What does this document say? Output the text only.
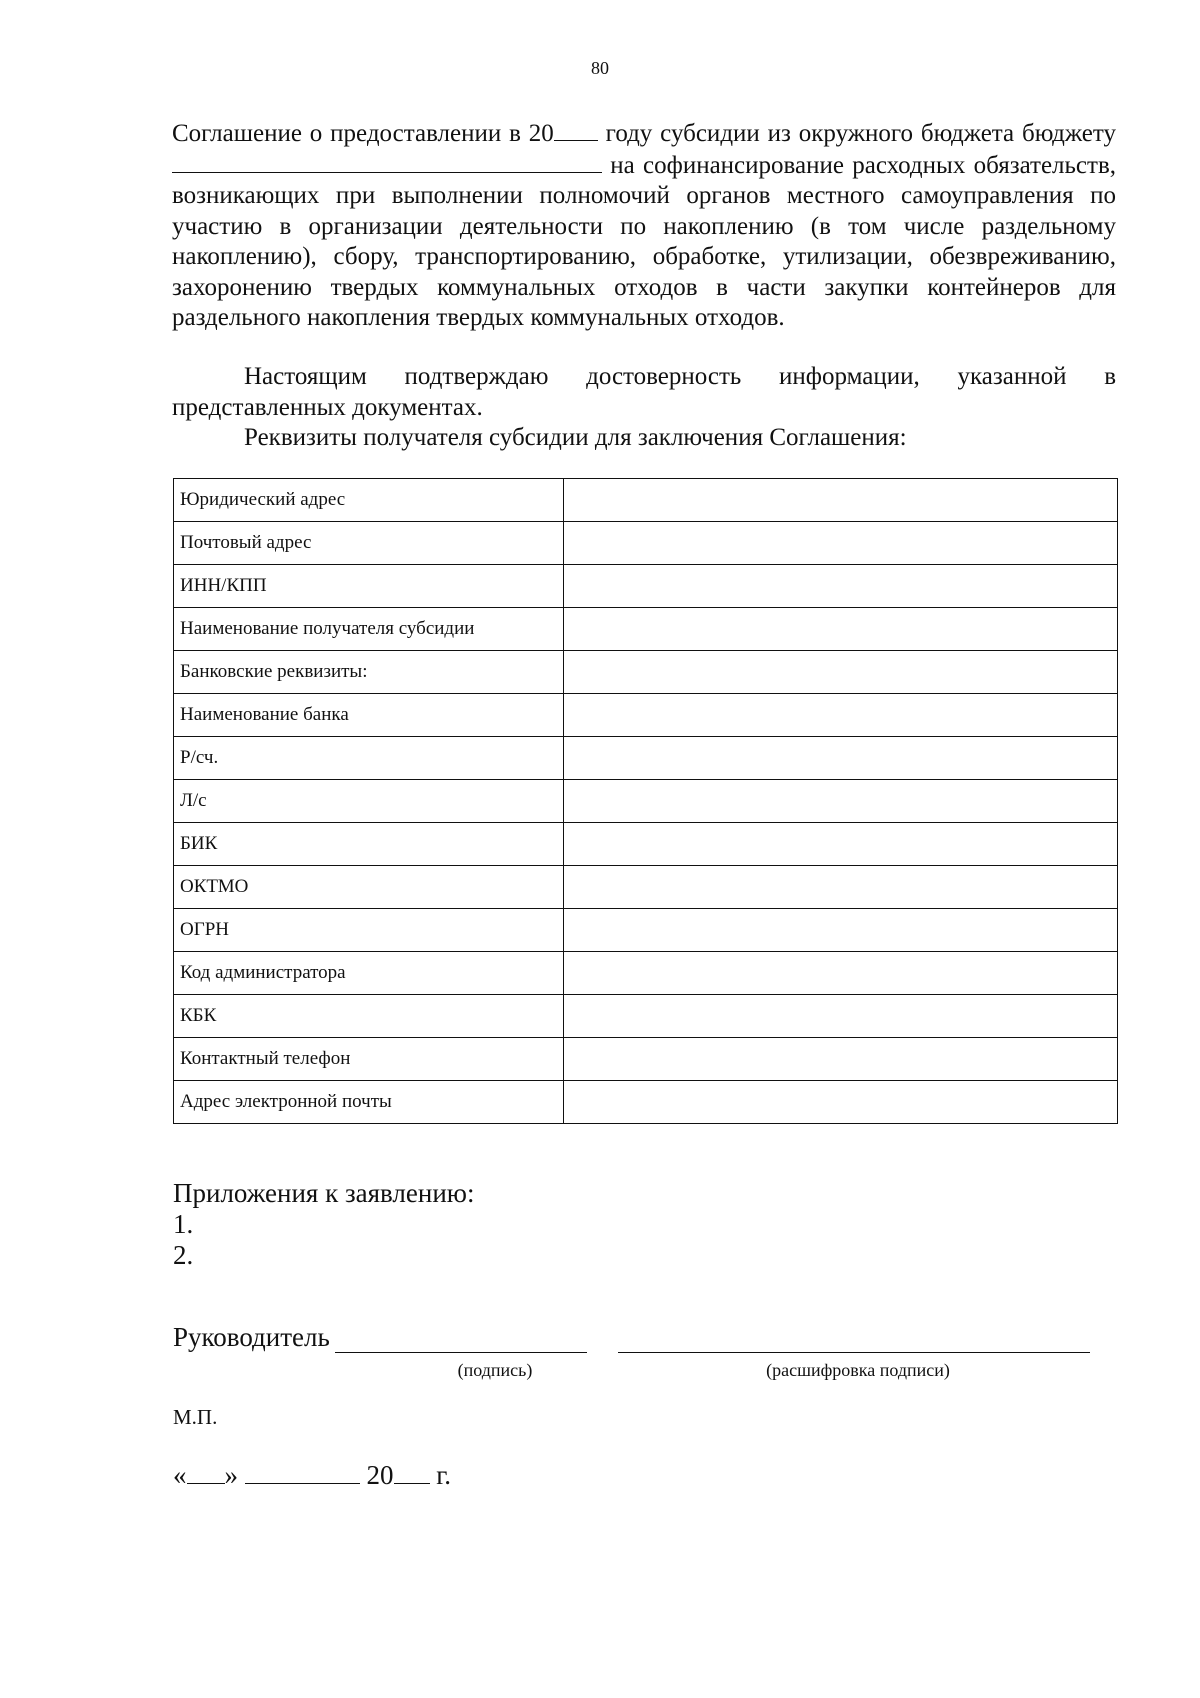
80
Соглашение о предоставлении в 20 году субсидии из окружного бюджета бюджету  на софинансирование расходных обязательств, возникающих при выполнении полномочий органов местного самоуправления по участию в организации деятельности по накоплению (в том числе раздельному накоплению), сбору, транспортированию, обработке, утилизации, обезвреживанию, захоронению твердых коммунальных отходов в части закупки контейнеров для раздельного накопления твердых коммунальных отходов.
Настоящим подтверждаю достоверность информации, указанной в представленных документах.
Реквизиты получателя субсидии для заключения Соглашения:
Юридический адрес	
Почтовый адрес	
ИНН/КПП	
Наименование получателя субсидии	
Банковские реквизиты:	
Наименование банка	
Р/сч.	
Л/с	
БИК	
ОКТМО	
ОГРН	
Код администратора	
КБК	
Контактный телефон	
Адрес электронной почты	
Приложения к заявлению:
1.
2.
Руководитель
(подпись)	(расшифровка подписи)
М.П.
« »	20 г.
